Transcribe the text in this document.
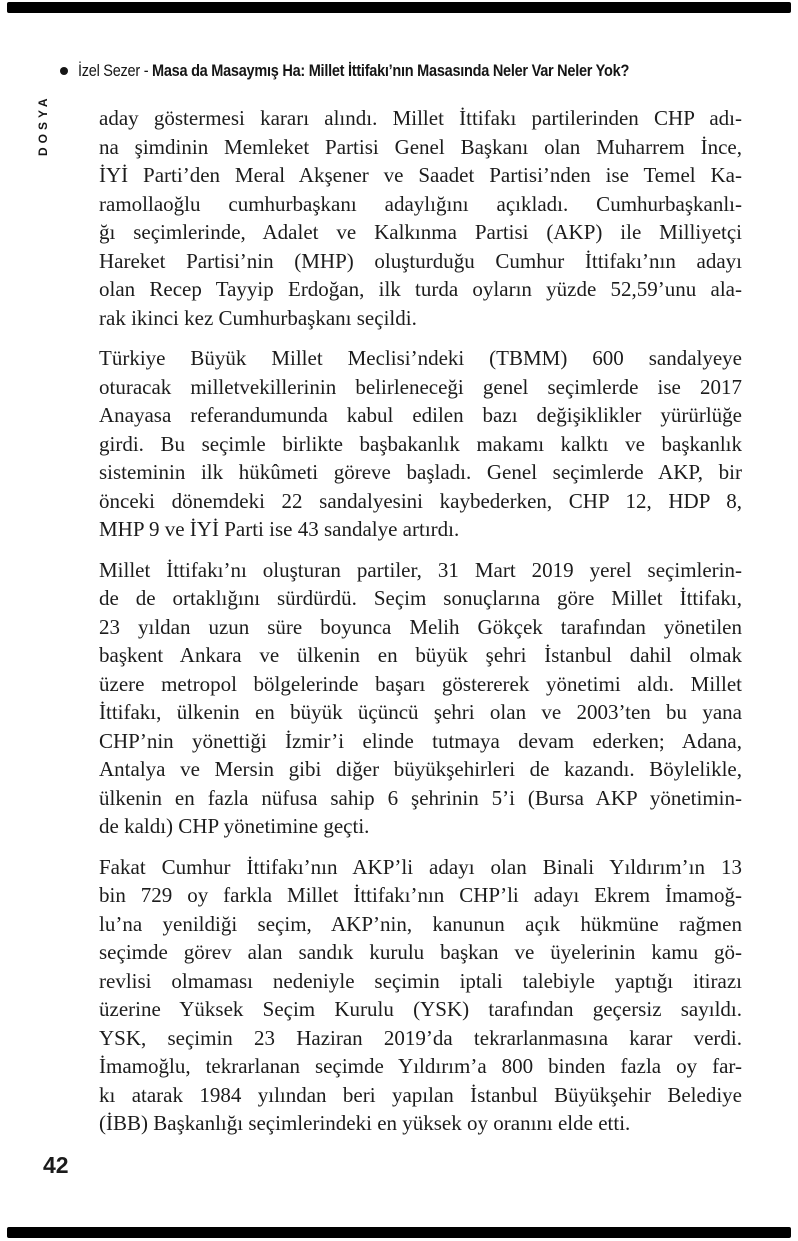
İzel Sezer - Masa da Masaymış Ha: Millet İttifakı’nın Masasında Neler Var Neler Yok?
DOSYA aday göstermesi kararı alındı. Millet İttifakı partilerinden CHP adı-
na şimdinin Memleket Partisi Genel Başkanı olan Muharrem İnce,
İYİ Parti’den Meral Akşener ve Saadet Partisi’nden ise Temel Ka-
ramollaoğlu cumhurbaşkanı adaylığını açıkladı. Cumhurbaşkanlı-
ğı seçimlerinde, Adalet ve Kalkınma Partisi (AKP) ile Milliyetçi
Hareket Partisi’nin (MHP) oluşturduğu Cumhur İttifakı’nın adayı
olan Recep Tayyip Erdoğan, ilk turda oyların yüzde 52,59’unu ala-
rak ikinci kez Cumhurbaşkanı seçildi.
Türkiye Büyük Millet Meclisi’ndeki (TBMM) 600 sandalyeye
oturacak milletvekillerinin belirleneceği genel seçimlerde ise 2017
Anayasa referandumunda kabul edilen bazı değişiklikler yürürlüğe
girdi. Bu seçimle birlikte başbakanlık makamı kalktı ve başkanlık
sisteminin ilk hükûmeti göreve başladı. Genel seçimlerde AKP, bir
önceki dönemdeki 22 sandalyesini kaybederken, CHP 12, HDP 8,
MHP 9 ve İYİ Parti ise 43 sandalye artırdı.
Millet İttifakı’nı oluşturan partiler, 31 Mart 2019 yerel seçimlerin-
de de ortaklığını sürdürdü. Seçim sonuçlarına göre Millet İttifakı,
23 yıldan uzun süre boyunca Melih Gökçek tarafından yönetilen
başkent Ankara ve ülkenin en büyük şehri İstanbul dahil olmak
üzere metropol bölgelerinde başarı göstererek yönetimi aldı. Millet
İttifakı, ülkenin en büyük üçüncü şehri olan ve 2003’ten bu yana
CHP’nin yönettiği İzmir’i elinde tutmaya devam ederken; Adana,
Antalya ve Mersin gibi diğer büyükşehirleri de kazandı. Böylelikle,
ülkenin en fazla nüfusa sahip 6 şehrinin 5’i (Bursa AKP yönetimin-
de kaldı) CHP yönetimine geçti.
Fakat Cumhur İttifakı’nın AKP’li adayı olan Binali Yıldırım’ın 13
bin 729 oy farkla Millet İttifakı’nın CHP’li adayı Ekrem İmamoğ-
lu’na yenildiği seçim, AKP’nin, kanunun açık hükmüne rağmen
seçimde görev alan sandık kurulu başkan ve üyelerinin kamu gö-
revlisi olmaması nedeniyle seçimin iptali talebiyle yaptığı itirazı
üzerine Yüksek Seçim Kurulu (YSK) tarafından geçersiz sayıldı.
YSK, seçimin 23 Haziran 2019’da tekrarlanmasına karar verdi.
İmamoğlu, tekrarlanan seçimde Yıldırım’a 800 binden fazla oy far-
kı atarak 1984 yılından beri yapılan İstanbul Büyükşehir Belediye
(İBB) Başkanlığı seçimlerindeki en yüksek oy oranını elde etti.
42
